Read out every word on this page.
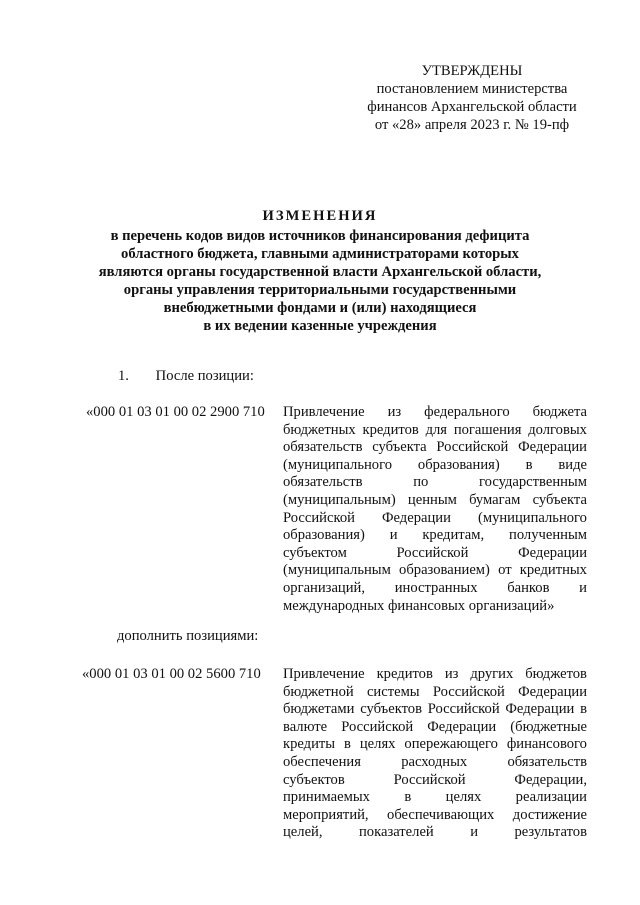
УТВЕРЖДЕНЫ
постановлением министерства
финансов Архангельской области
от «28» апреля 2023 г. № 19-пф
ИЗМЕНЕНИЯ
в перечень кодов видов источников финансирования дефицита
областного бюджета, главными администраторами которых
являются органы государственной власти Архангельской области,
органы управления территориальными государственными
внебюджетными фондами и (или) находящиеся
в их ведении казенные учреждения
1. После позиции:
«000 01 03 01 00 02 2900 710 Привлечение из федерального бюджета
бюджетных кредитов для погашения долговых
обязательств субъекта Российской Федерации
(муниципального образования) в виде
обязательств	по	государственным
(муниципальным) ценным бумагам субъекта
Российской Федерации (муниципального
образования) и кредитам, полученным
субъектом	Российской	Федерации
(муниципальным образованием) от кредитных
организаций, иностранных банков и
международных финансовых организаций»
дополнить позициями:
«000 01 03 01 00 02 5600 710 Привлечение кредитов из других бюджетов
бюджетной системы Российской Федерации
бюджетами субъектов Российской Федерации в
валюте Российской Федерации (бюджетные
кредиты в целях опережающего финансового
обеспечения	расходных	обязательств
субъектов	Российской	Федерации,
принимаемых в целях реализации
мероприятий, обеспечивающих достижение
целей, показателей и результатов
